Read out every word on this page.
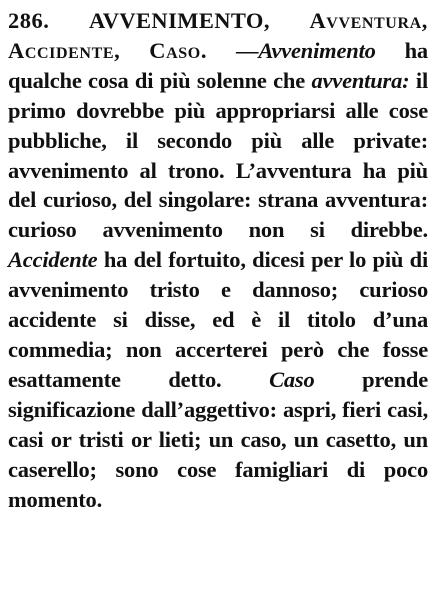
286. AVVENIMENTO, Avventura, Accidente, Caso. —Avvenimento ha qualche cosa di più solenne che avventura: il primo dovrebbe più appropriarsi alle cose pubbliche, il secondo più alle private: avvenimento al trono. L’avventura ha più del curioso, del singolare: strana avventura: curioso avvenimento non si direbbe. Accidente ha del fortuito, dicesi per lo più di avvenimento tristo e dannoso; curioso accidente si disse, ed è il titolo d’una commedia; non accerterei però che fosse esattamente detto. Caso prende significazione dall’aggettivo: aspri, fieri casi, casi or tristi or lieti; un caso, un casetto, un caserello; sono cose famigliari di poco momento.
